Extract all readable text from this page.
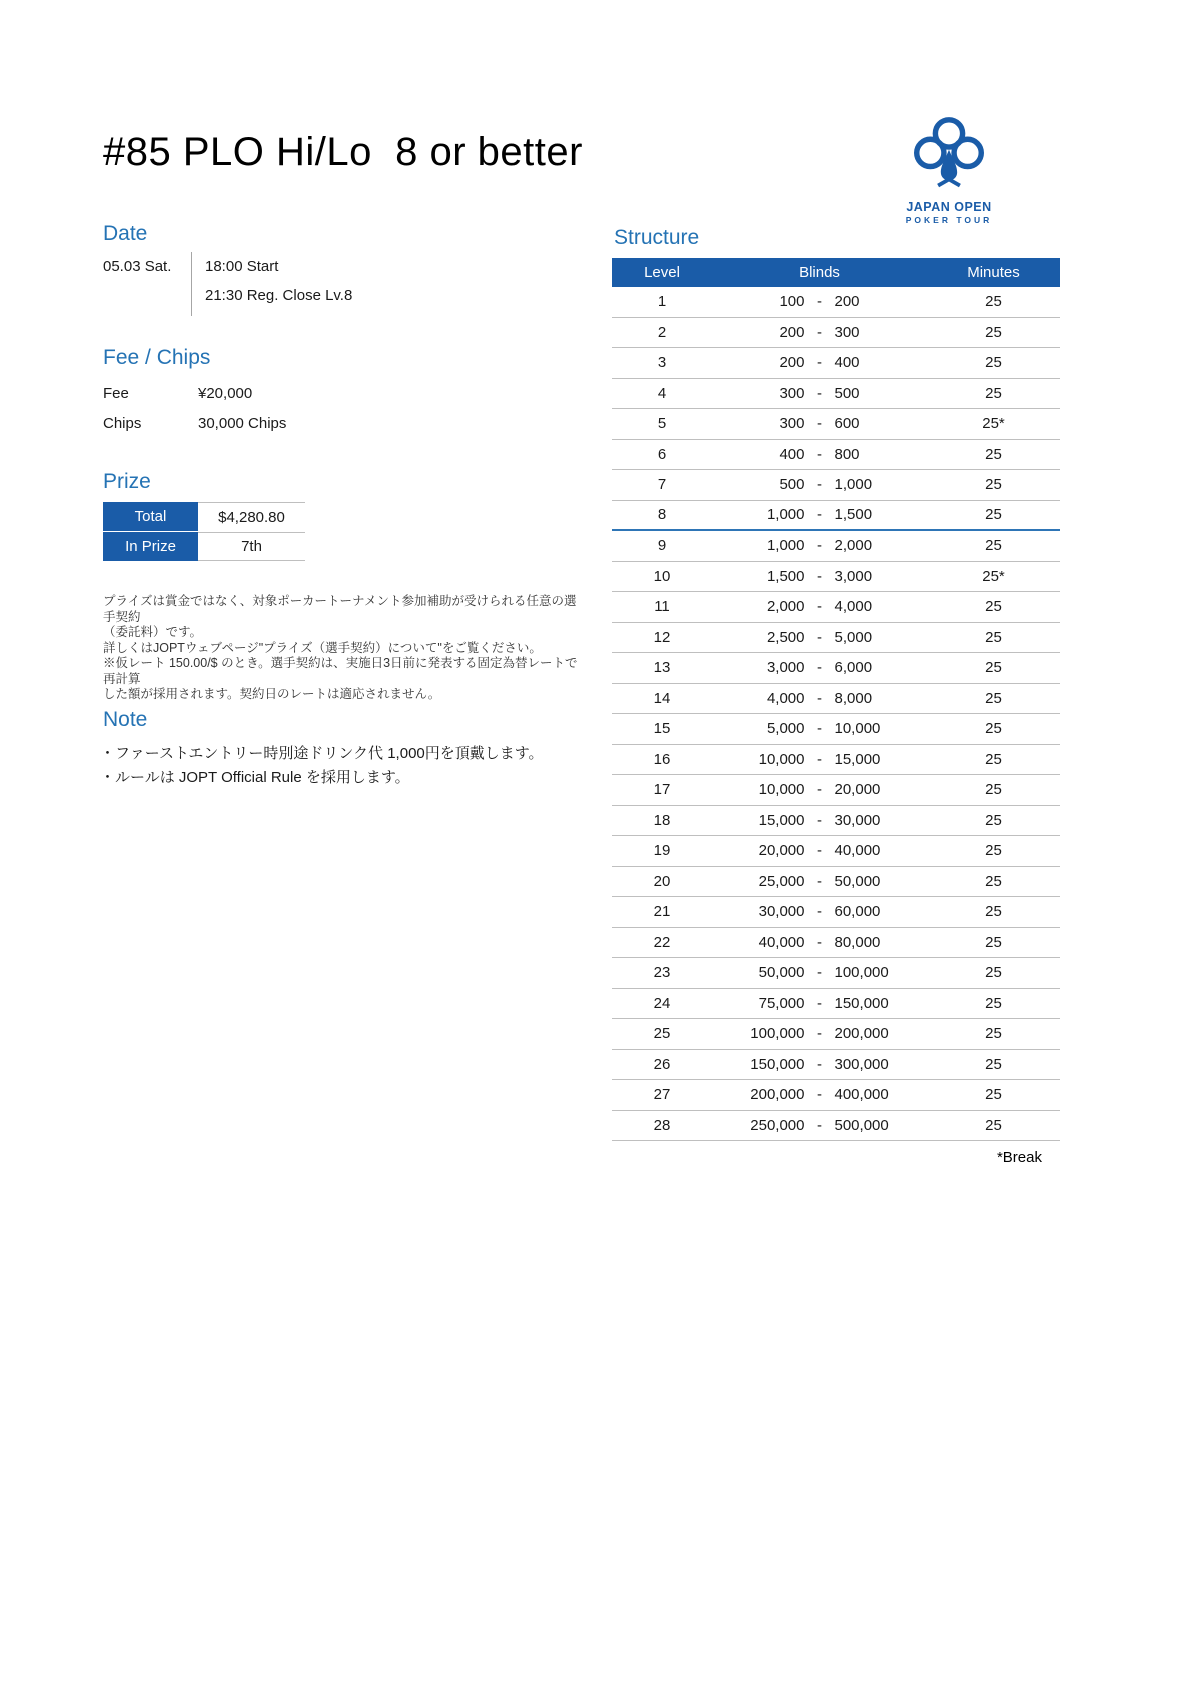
#85 PLO Hi/Lo  8 or better
JAPAN OPEN
POKER TOUR
Date
05.03 Sat.	18:00 Start
21:30 Reg. Close Lv.8
Fee / Chips
Fee	¥20,000
Chips	30,000 Chips
Prize
Total	$4,280.80
In Prize	7th
プライズは賞金ではなく、対象ポーカートーナメント参加補助が受けられる任意の選手契約
（委託料）です。
詳しくはJOPTウェブページ"プライズ（選手契約）について"をご覧ください。
※仮レート 150.00/$ のとき。選手契約は、実施日3日前に発表する固定為替レートで再計算
した額が採用されます。契約日のレートは適応されません。
Note
・ファーストエントリー時別途ドリンク代 1,000円を頂戴します。
・ルールは JOPT Official Rule を採用します。
Structure
Level	Blinds	Minutes
1	100 - 200	25
2	200 - 300	25
3	200 - 400	25
4	300 - 500	25
5	300 - 600	25*
6	400 - 800	25
7	500 - 1,000	25
8	1,000 - 1,500	25
9	1,000 - 2,000	25
10	1,500 - 3,000	25*
11	2,000 - 4,000	25
12	2,500 - 5,000	25
13	3,000 - 6,000	25
14	4,000 - 8,000	25
15	5,000 - 10,000	25
16	10,000 - 15,000	25
17	10,000 - 20,000	25
18	15,000 - 30,000	25
19	20,000 - 40,000	25
20	25,000 - 50,000	25
21	30,000 - 60,000	25
22	40,000 - 80,000	25
23	50,000 - 100,000	25
24	75,000 - 150,000	25
25	100,000 - 200,000	25
26	150,000 - 300,000	25
27	200,000 - 400,000	25
28	250,000 - 500,000	25
*Break
